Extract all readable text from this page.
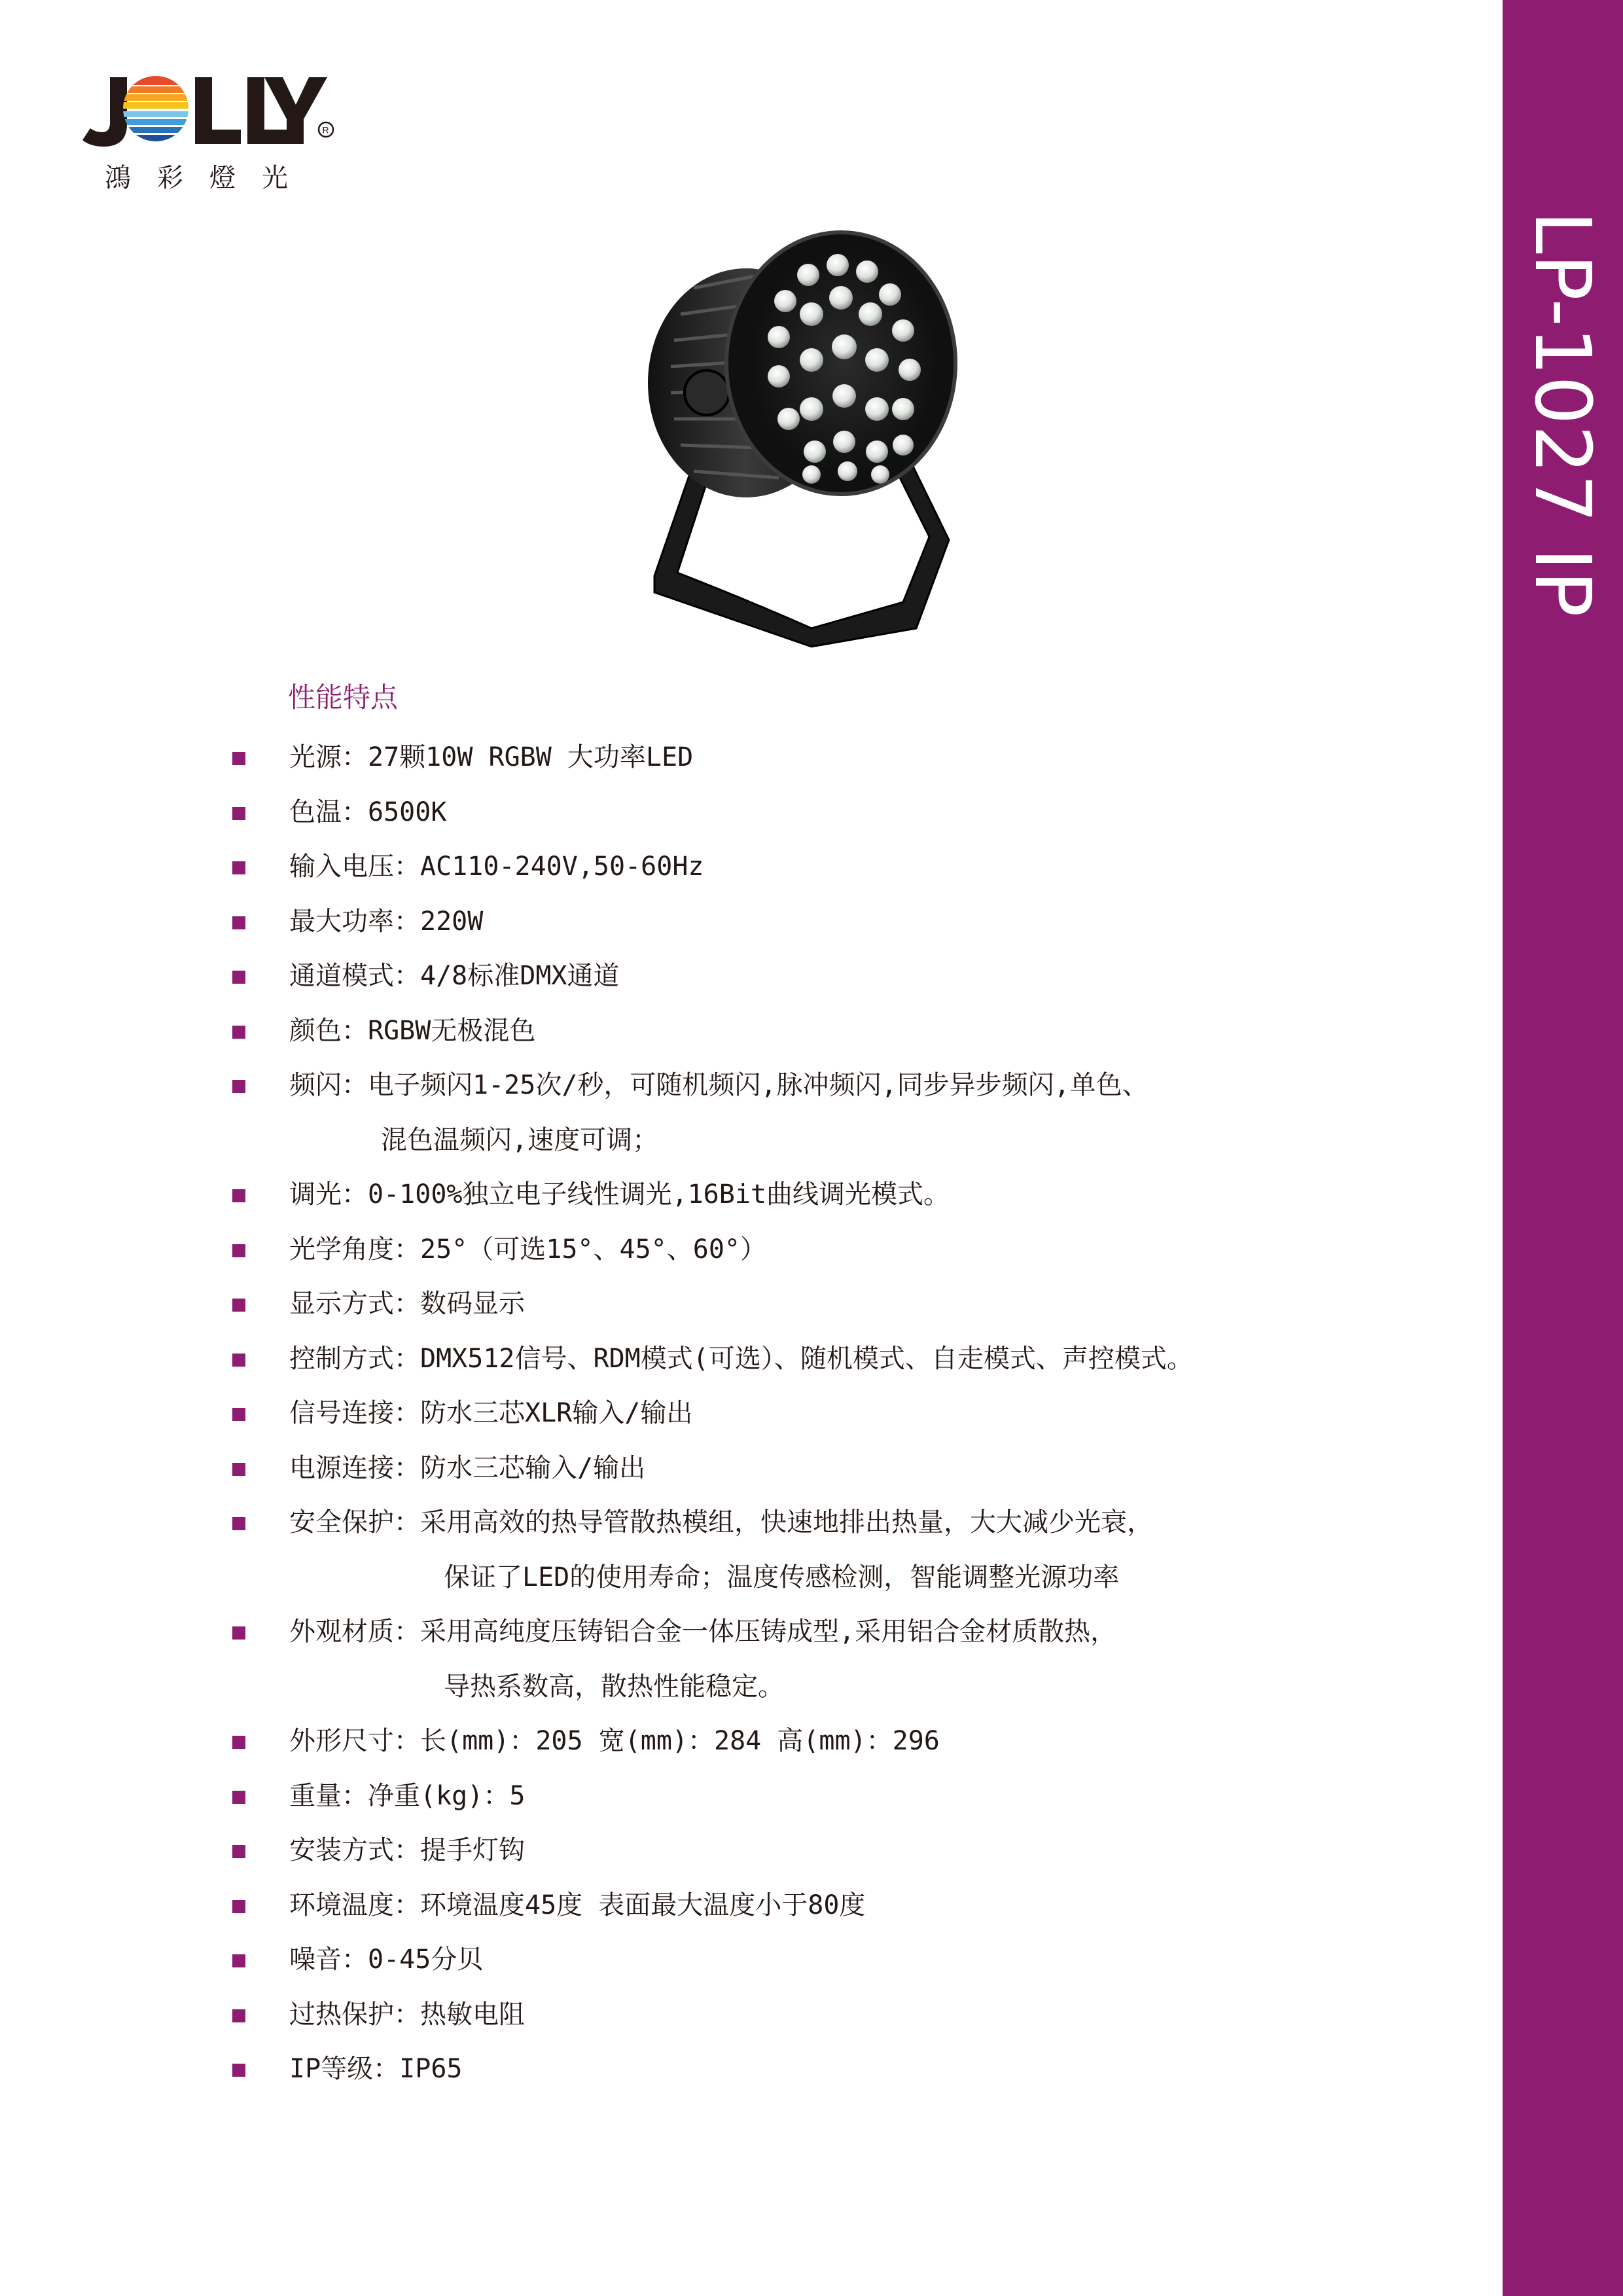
LP-1027 IP
R
鴻彩燈光
性能特点
光源：27颗10W RGBW 大功率LED
色温：6500K
输入电压：AC110-240V,50-60Hz
最大功率：220W
通道模式：4/8标准DMX通道
颜色：RGBW无极混色
频闪：电子频闪1-25次/秒，可随机频闪,脉冲频闪,同步异步频闪,单色、
混色温频闪,速度可调；
调光：0-100%独立电子线性调光,16Bit曲线调光模式。
光学角度：25°（可选15°、45°、60°）
显示方式：数码显示
控制方式：DMX512信号、RDM模式(可选）、随机模式、自走模式、声控模式。
信号连接：防水三芯XLR输入/输出
电源连接：防水三芯输入/输出
安全保护：采用高效的热导管散热模组，快速地排出热量，大大减少光衰，
保证了LED的使用寿命；温度传感检测，智能调整光源功率
外观材质：采用高纯度压铸铝合金一体压铸成型,采用铝合金材质散热，
导热系数高，散热性能稳定。
外形尺寸：长(mm)：205 宽(mm)：284 高(mm)：296
重量：净重(kg)：5
安装方式：提手灯钩
环境温度：环境温度45度 表面最大温度小于80度
噪音：0-45分贝
过热保护：热敏电阻
IP等级：IP65
